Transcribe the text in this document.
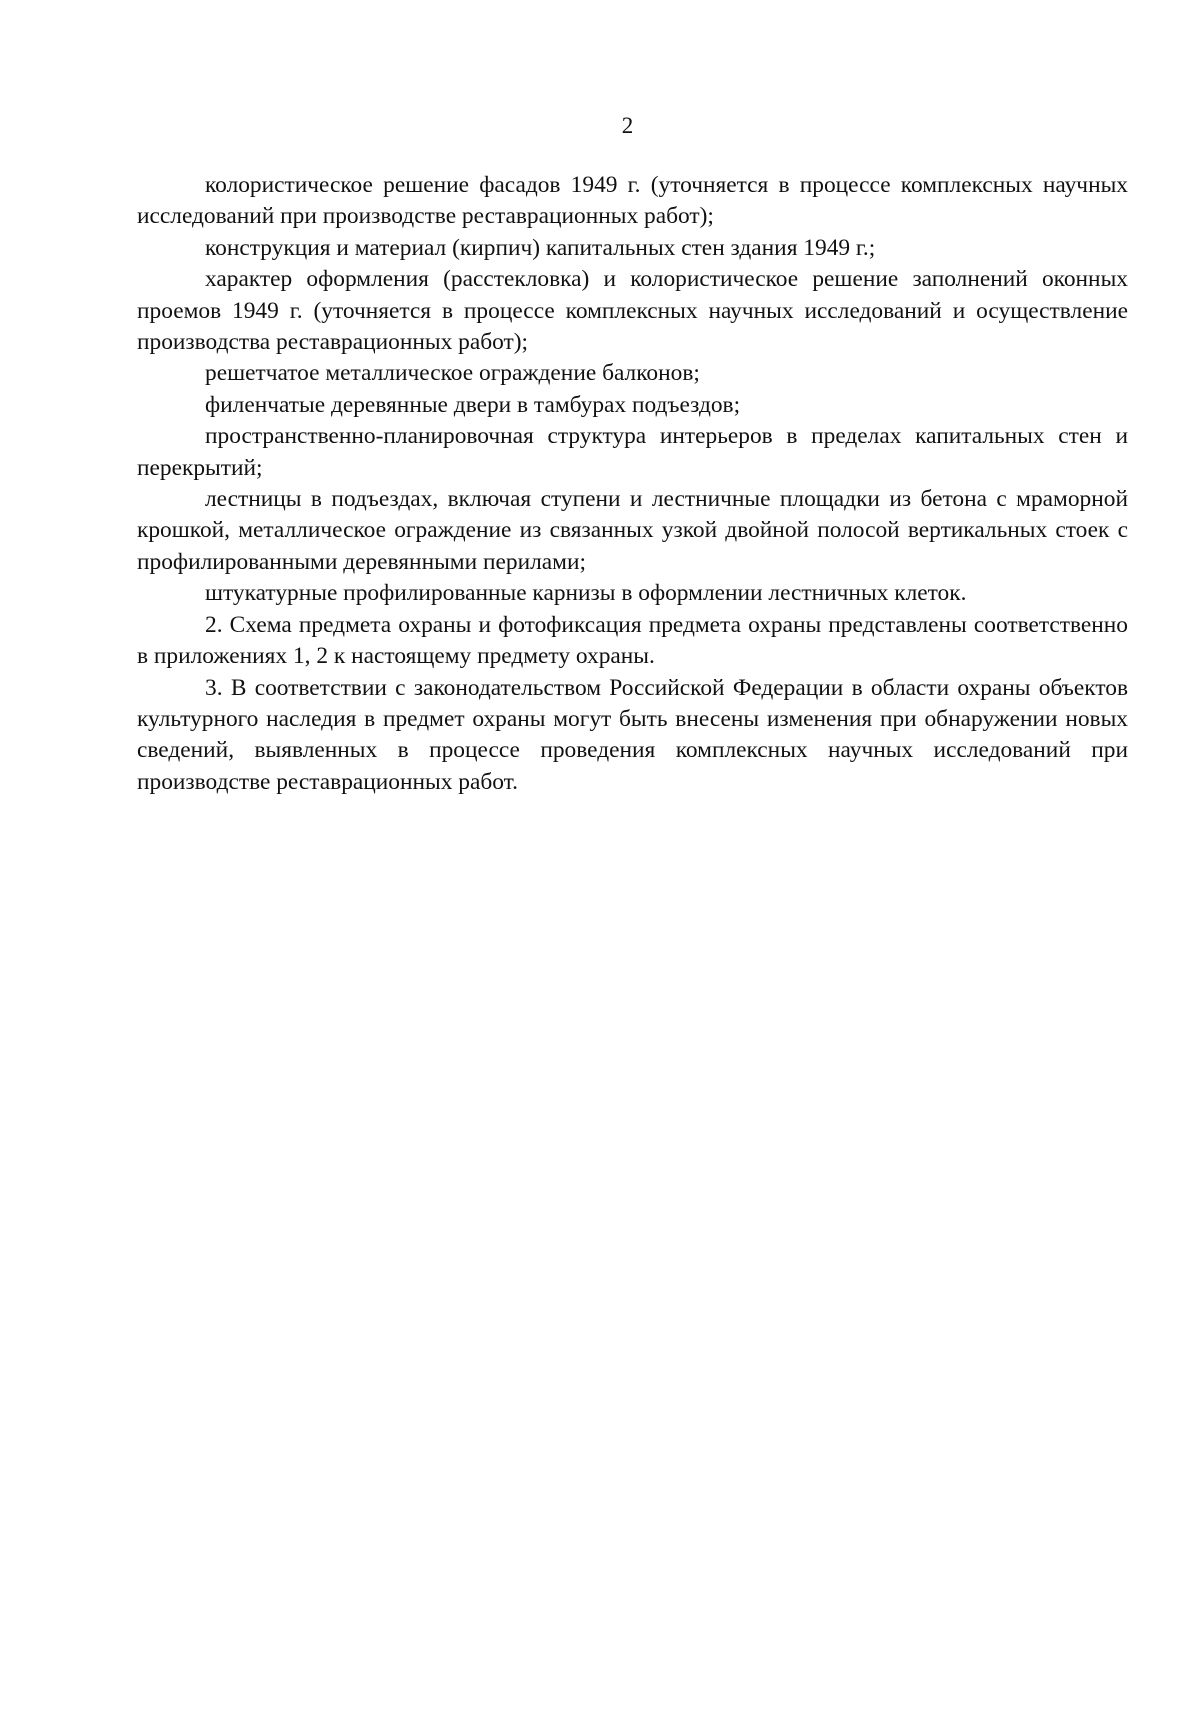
2

колористическое решение фасадов 1949 г. (уточняется в процессе комплексных научных исследований при производстве реставрационных работ);

конструкция и материал (кирпич) капитальных стен здания 1949 г.;

характер оформления (расстекловка) и колористическое решение заполнений оконных проемов 1949 г. (уточняется в процессе комплексных научных исследований и осуществление производства реставрационных работ);

решетчатое металлическое ограждение балконов;

филенчатые деревянные двери в тамбурах подъездов;

пространственно-планировочная структура интерьеров в пределах капитальных стен и перекрытий;

лестницы в подъездах, включая ступени и лестничные площадки из бетона с мраморной крошкой, металлическое ограждение из связанных узкой двойной полосой вертикальных стоек с профилированными деревянными перилами;

штукатурные профилированные карнизы в оформлении лестничных клеток.

2. Схема предмета охраны и фотофиксация предмета охраны представлены соответственно в приложениях 1, 2 к настоящему предмету охраны.

3. В соответствии с законодательством Российской Федерации в области охраны объектов культурного наследия в предмет охраны могут быть внесены изменения при обнаружении новых сведений, выявленных в процессе проведения комплексных научных исследований при производстве реставрационных работ.
